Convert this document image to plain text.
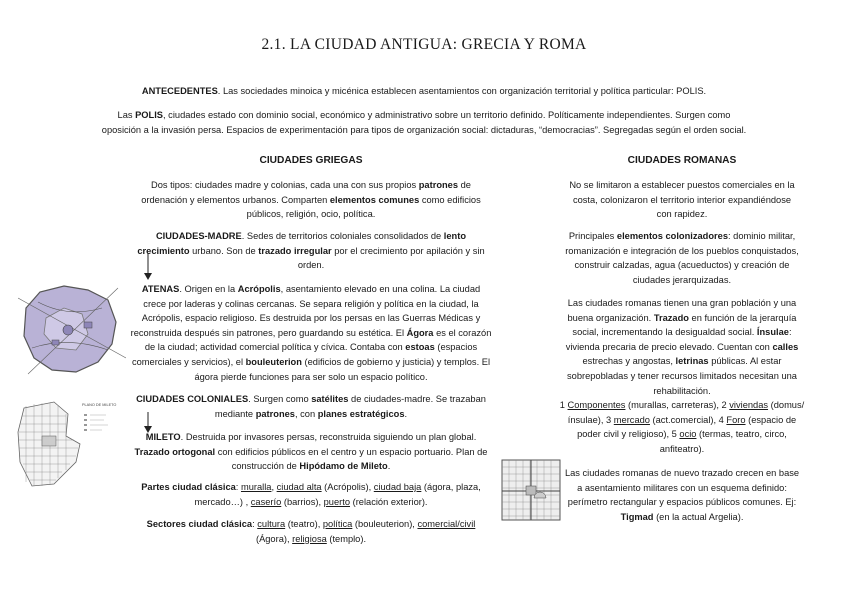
2.1. LA CIUDAD ANTIGUA: GRECIA Y ROMA
ANTECEDENTES. Las sociedades minoica y micénica establecen asentamientos con organización territorial y política particular: POLIS.
Las POLIS, ciudades estado con dominio social, económico y administrativo sobre un territorio definido. Políticamente independientes. Surgen como
oposición a la invasión persa. Espacios de experimentación para tipos de organización social: dictaduras, “democracias”. Segregadas según el orden social.
CIUDADES GRIEGAS
Dos tipos: ciudades madre y colonias, cada una con sus propios patrones de ordenación y elementos urbanos. Comparten elementos comunes como edificios públicos, religión, ocio, política.
CIUDADES-MADRE. Sedes de territorios coloniales consolidados de lento crecimiento urbano. Son de trazado irregular por el crecimiento por apilación y sin orden.
ATENAS. Origen en la Acrópolis, asentamiento elevado en una colina. La ciudad crece por laderas y colinas cercanas. Se separa religión y política en la ciudad, la Acrópolis, espacio religioso. Es destruida por los persas en las Guerras Médicas y reconstruida después sin patrones, pero guardando su estética. El Ágora es el corazón de la ciudad; actividad comercial política y cívica. Contaba con estoas (espacios comerciales y servicios), el bouleuterion (edificios de gobierno y justicia) y templos. El ágora pierde funciones para ser solo un espacio político.
CIUDADES COLONIALES. Surgen como satélites de ciudades-madre. Se trazaban mediante patrones, con planes estratégicos.
PLANO DE MILETO
MILETO. Destruida por invasores persas, reconstruida siguiendo un plan global. Trazado ortogonal con edificios públicos en el centro y un espacio portuario. Plan de construcción de Hipódamo de Mileto.
Partes ciudad clásica: muralla, ciudad alta (Acrópolis), ciudad baja (ágora, plaza, mercado…) , caserío (barrios), puerto (relación exterior).
Sectores ciudad clásica: cultura (teatro), política (bouleuterion), comercial/civil (Ágora), religiosa (templo).
CIUDADES ROMANAS
No se limitaron a establecer puestos comerciales en la costa, colonizaron el territorio interior expandiéndose con rapidez.
Principales elementos colonizadores: dominio militar, romanización e integración de los pueblos conquistados, construir calzadas, agua (acueductos) y creación de ciudades jerarquizadas.
Las ciudades romanas tienen una gran población y una buena organización. Trazado en función de la jerarquía social, incrementando la desigualdad social. Ínsulae: vivienda precaria de precio elevado. Cuentan con calles estrechas y angostas, letrinas públicas. Al estar sobrepobladas y tener recursos limitados necesitan una rehabilitación.
1 Componentes (murallas, carreteras), 2 viviendas (domus/ínsulae), 3 mercado (act.comercial), 4 Foro (espacio de poder civil y religioso), 5 ocio (termas, teatro, circo, anfiteatro).
Las ciudades romanas de nuevo trazado crecen en base a asentamiento militares con un esquema definido: perímetro rectangular y espacios públicos comunes. Ej: Tigmad (en la actual Argelia).
